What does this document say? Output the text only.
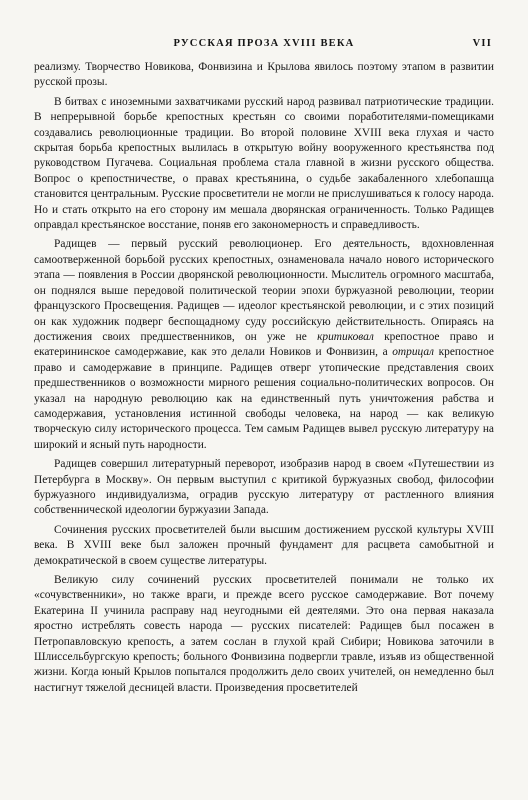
РУССКАЯ ПРОЗА XVIII ВЕКА	VII

реализму. Творчество Новикова, Фонвизина и Крылова явилось поэтому этапом в развитии русской прозы.

В битвах с иноземными захватчиками русский народ развивал патриотические традиции. В непрерывной борьбе крепостных крестьян со своими поработителями-помещиками создавались революционные традиции. Во второй половине XVIII века глухая и часто скрытая борьба крепостных вылилась в открытую войну вооруженного крестьянства под руководством Пугачева. Социальная проблема стала главной в жизни русского общества. Вопрос о крепостничестве, о правах крестьянина, о судьбе закабаленного хлебопашца становится центральным. Русские просветители не могли не прислушиваться к голосу народа. Но и стать открыто на его сторону им мешала дворянская ограниченность. Только Радищев оправдал крестьянское восстание, поняв его закономерность и справедливость.

Радищев — первый русский революционер. Его деятельность, вдохновленная самоотверженной борьбой русских крепостных, ознаменовала начало нового исторического этапа — появления в России дворянской революционности. Мыслитель огромного масштаба, он поднялся выше передовой политической теории эпохи буржуазной революции, теории французского Просвещения. Радищев — идеолог крестьянской революции, и с этих позиций он как художник подверг беспощадному суду российскую действительность. Опираясь на достижения своих предшественников, он уже не критиковал крепостное право и екатерининское самодержавие, как это делали Новиков и Фонвизин, а отрицал крепостное право и самодержавие в принципе. Радищев отверг утопические представления своих предшественников о возможности мирного решения социально-политических вопросов. Он указал на народную революцию как на единственный путь уничтожения рабства и самодержавия, установления истинной свободы человека, на народ — как великую творческую силу исторического процесса. Тем самым Радищев вывел русскую литературу на широкий и ясный путь народности.

Радищев совершил литературный переворот, изобразив народ в своем «Путешествии из Петербурга в Москву». Он первым выступил с критикой буржуазных свобод, философии буржуазного индивидуализма, оградив русскую литературу от растленного влияния собственнической идеологии буржуазии Запада.

Сочинения русских просветителей были высшим достижением русской культуры XVIII века. В XVIII веке был заложен прочный фундамент для расцвета самобытной и демократической в своем существе литературы.

Великую силу сочинений русских просветителей понимали не только их «сочувственники», но также враги, и прежде всего русское самодержавие. Вот почему Екатерина II учинила расправу над неугодными ей деятелями. Это она первая наказала яростно истреблять совесть народа — русских писателей: Радищев был посажен в Петропавловскую крепость, а затем сослан в глухой край Сибири; Новикова заточили в Шлиссельбургскую крепость; больного Фонвизина подвергли травле, изъяв из общественной жизни. Когда юный Крылов попытался продолжить дело своих учителей, он немедленно был настигнут тяжелой десницей власти. Произведения просветителей
